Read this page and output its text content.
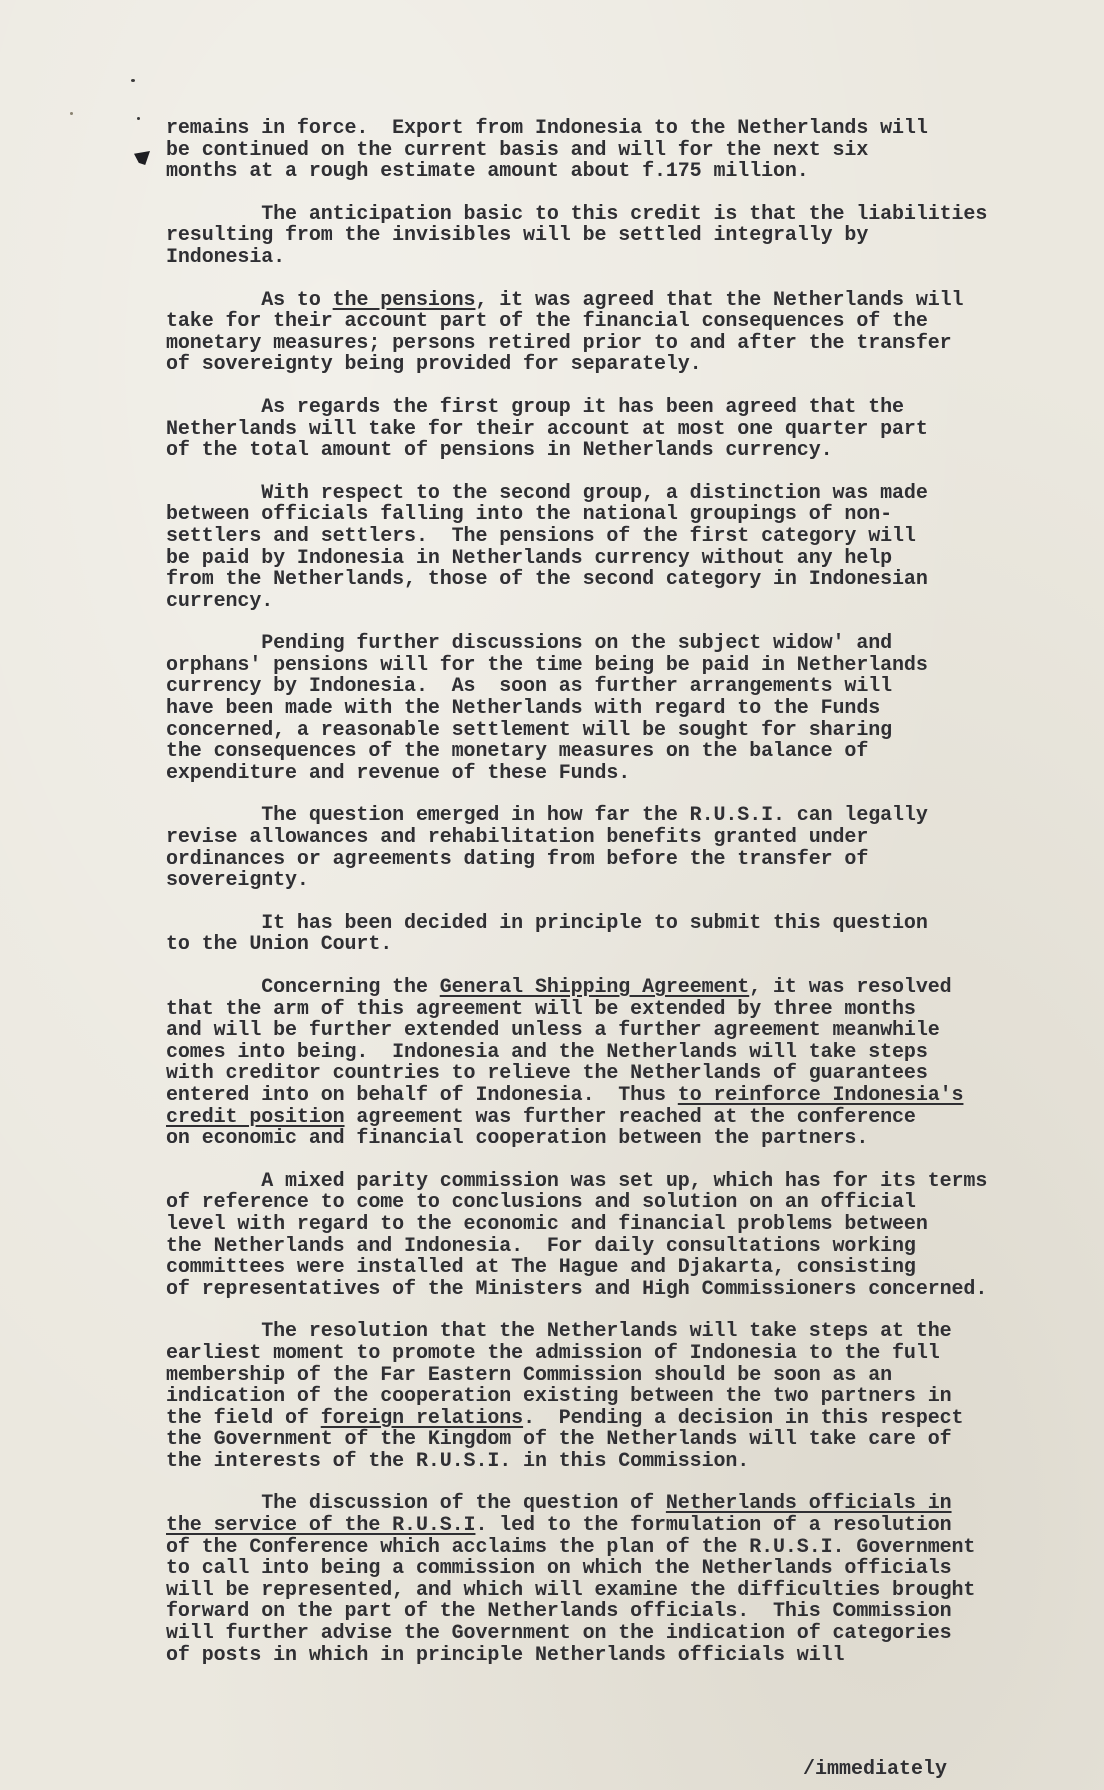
remains in force.  Export from Indonesia to the Netherlands will
be continued on the current basis and will for the next six
months at a rough estimate amount about f.175 million.
The anticipation basic to this credit is that the liabilities
resulting from the invisibles will be settled integrally by
Indonesia.
As to the pensions, it was agreed that the Netherlands will
take for their account part of the financial consequences of the
monetary measures; persons retired prior to and after the transfer
of sovereignty being provided for separately.
As regards the first group it has been agreed that the
Netherlands will take for their account at most one quarter part
of the total amount of pensions in Netherlands currency.
With respect to the second group, a distinction was made
between officials falling into the national groupings of non-
settlers and settlers.  The pensions of the first category will
be paid by Indonesia in Netherlands currency without any help
from the Netherlands, those of the second category in Indonesian
currency.
Pending further discussions on the subject widow' and
orphans' pensions will for the time being be paid in Netherlands
currency by Indonesia.  As  soon as further arrangements will
have been made with the Netherlands with regard to the Funds
concerned, a reasonable settlement will be sought for sharing
the consequences of the monetary measures on the balance of
expenditure and revenue of these Funds.
The question emerged in how far the R.U.S.I. can legally
revise allowances and rehabilitation benefits granted under
ordinances or agreements dating from before the transfer of
sovereignty.
It has been decided in principle to submit this question
to the Union Court.
Concerning the General Shipping Agreement, it was resolved
that the arm of this agreement will be extended by three months
and will be further extended unless a further agreement meanwhile
comes into being.  Indonesia and the Netherlands will take steps
with creditor countries to relieve the Netherlands of guarantees
entered into on behalf of Indonesia.  Thus to reinforce Indonesia's
credit position agreement was further reached at the conference
on economic and financial cooperation between the partners.
A mixed parity commission was set up, which has for its terms
of reference to come to conclusions and solution on an official
level with regard to the economic and financial problems between
the Netherlands and Indonesia.  For daily consultations working
committees were installed at The Hague and Djakarta, consisting
of representatives of the Ministers and High Commissioners concerned.
The resolution that the Netherlands will take steps at the
earliest moment to promote the admission of Indonesia to the full
membership of the Far Eastern Commission should be soon as an
indication of the cooperation existing between the two partners in
the field of foreign relations.  Pending a decision in this respect
the Government of the Kingdom of the Netherlands will take care of
the interests of the R.U.S.I. in this Commission.
The discussion of the question of Netherlands officials in
the service of the R.U.S.I. led to the formulation of a resolution
of the Conference which acclaims the plan of the R.U.S.I. Government
to call into being a commission on which the Netherlands officials
will be represented, and which will examine the difficulties brought
forward on the part of the Netherlands officials.  This Commission
will further advise the Government on the indication of categories
of posts in which in principle Netherlands officials will
/immediately
